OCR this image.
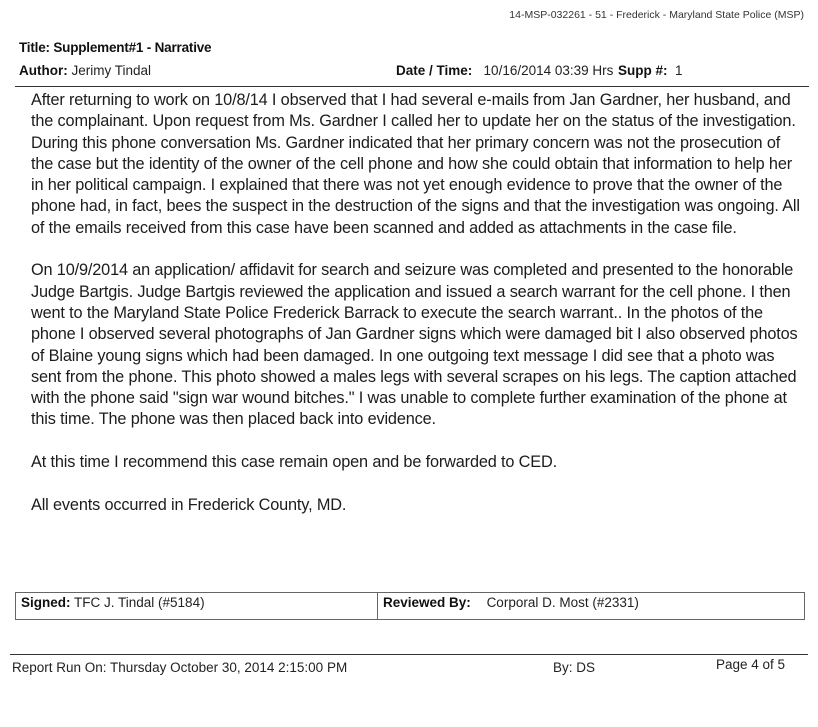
14-MSP-032261 - 51 - Frederick - Maryland State Police (MSP)
Title: Supplement#1 - Narrative
Author: Jerimy Tindal	Date / Time: 10/16/2014 03:39 Hrs Supp #: 1

After returning to work on 10/8/14 I observed that I had several e-mails from Jan Gardner, her husband, and the complainant. Upon request from Ms. Gardner I called her to update her on the status of the investigation. During this phone conversation Ms. Gardner indicated that her primary concern was not the prosecution of the case but the identity of the owner of the cell phone and how she could obtain that information to help her in her political campaign. I explained that there was not yet enough evidence to prove that the owner of the phone had, in fact, bees the suspect in the destruction of the signs and that the investigation was ongoing. All of the emails received from this case have been scanned and added as attachments in the case file.

On 10/9/2014 an application/ affidavit for search and seizure was completed and presented to the honorable Judge Bartgis. Judge Bartgis reviewed the application and issued a search warrant for the cell phone. I then went to the Maryland State Police Frederick Barrack to execute the search warrant.. In the photos of the phone I observed several photographs of Jan Gardner signs which were damaged bit I also observed photos of Blaine young signs which had been damaged. In one outgoing text message I did see that a photo was sent from the phone. This photo showed a males legs with several scrapes on his legs. The caption attached with the phone said "sign war wound bitches." I was unable to complete further examination of the phone at this time. The phone was then placed back into evidence.

At this time I recommend this case remain open and be forwarded to CED.

All events occurred in Frederick County, MD.

Signed: TFC J. Tindal (#5184)	Reviewed By: Corporal D. Most (#2331)
Report Run On: Thursday October 30, 2014 2:15:00 PM	By: DS	Page 4 of 5
